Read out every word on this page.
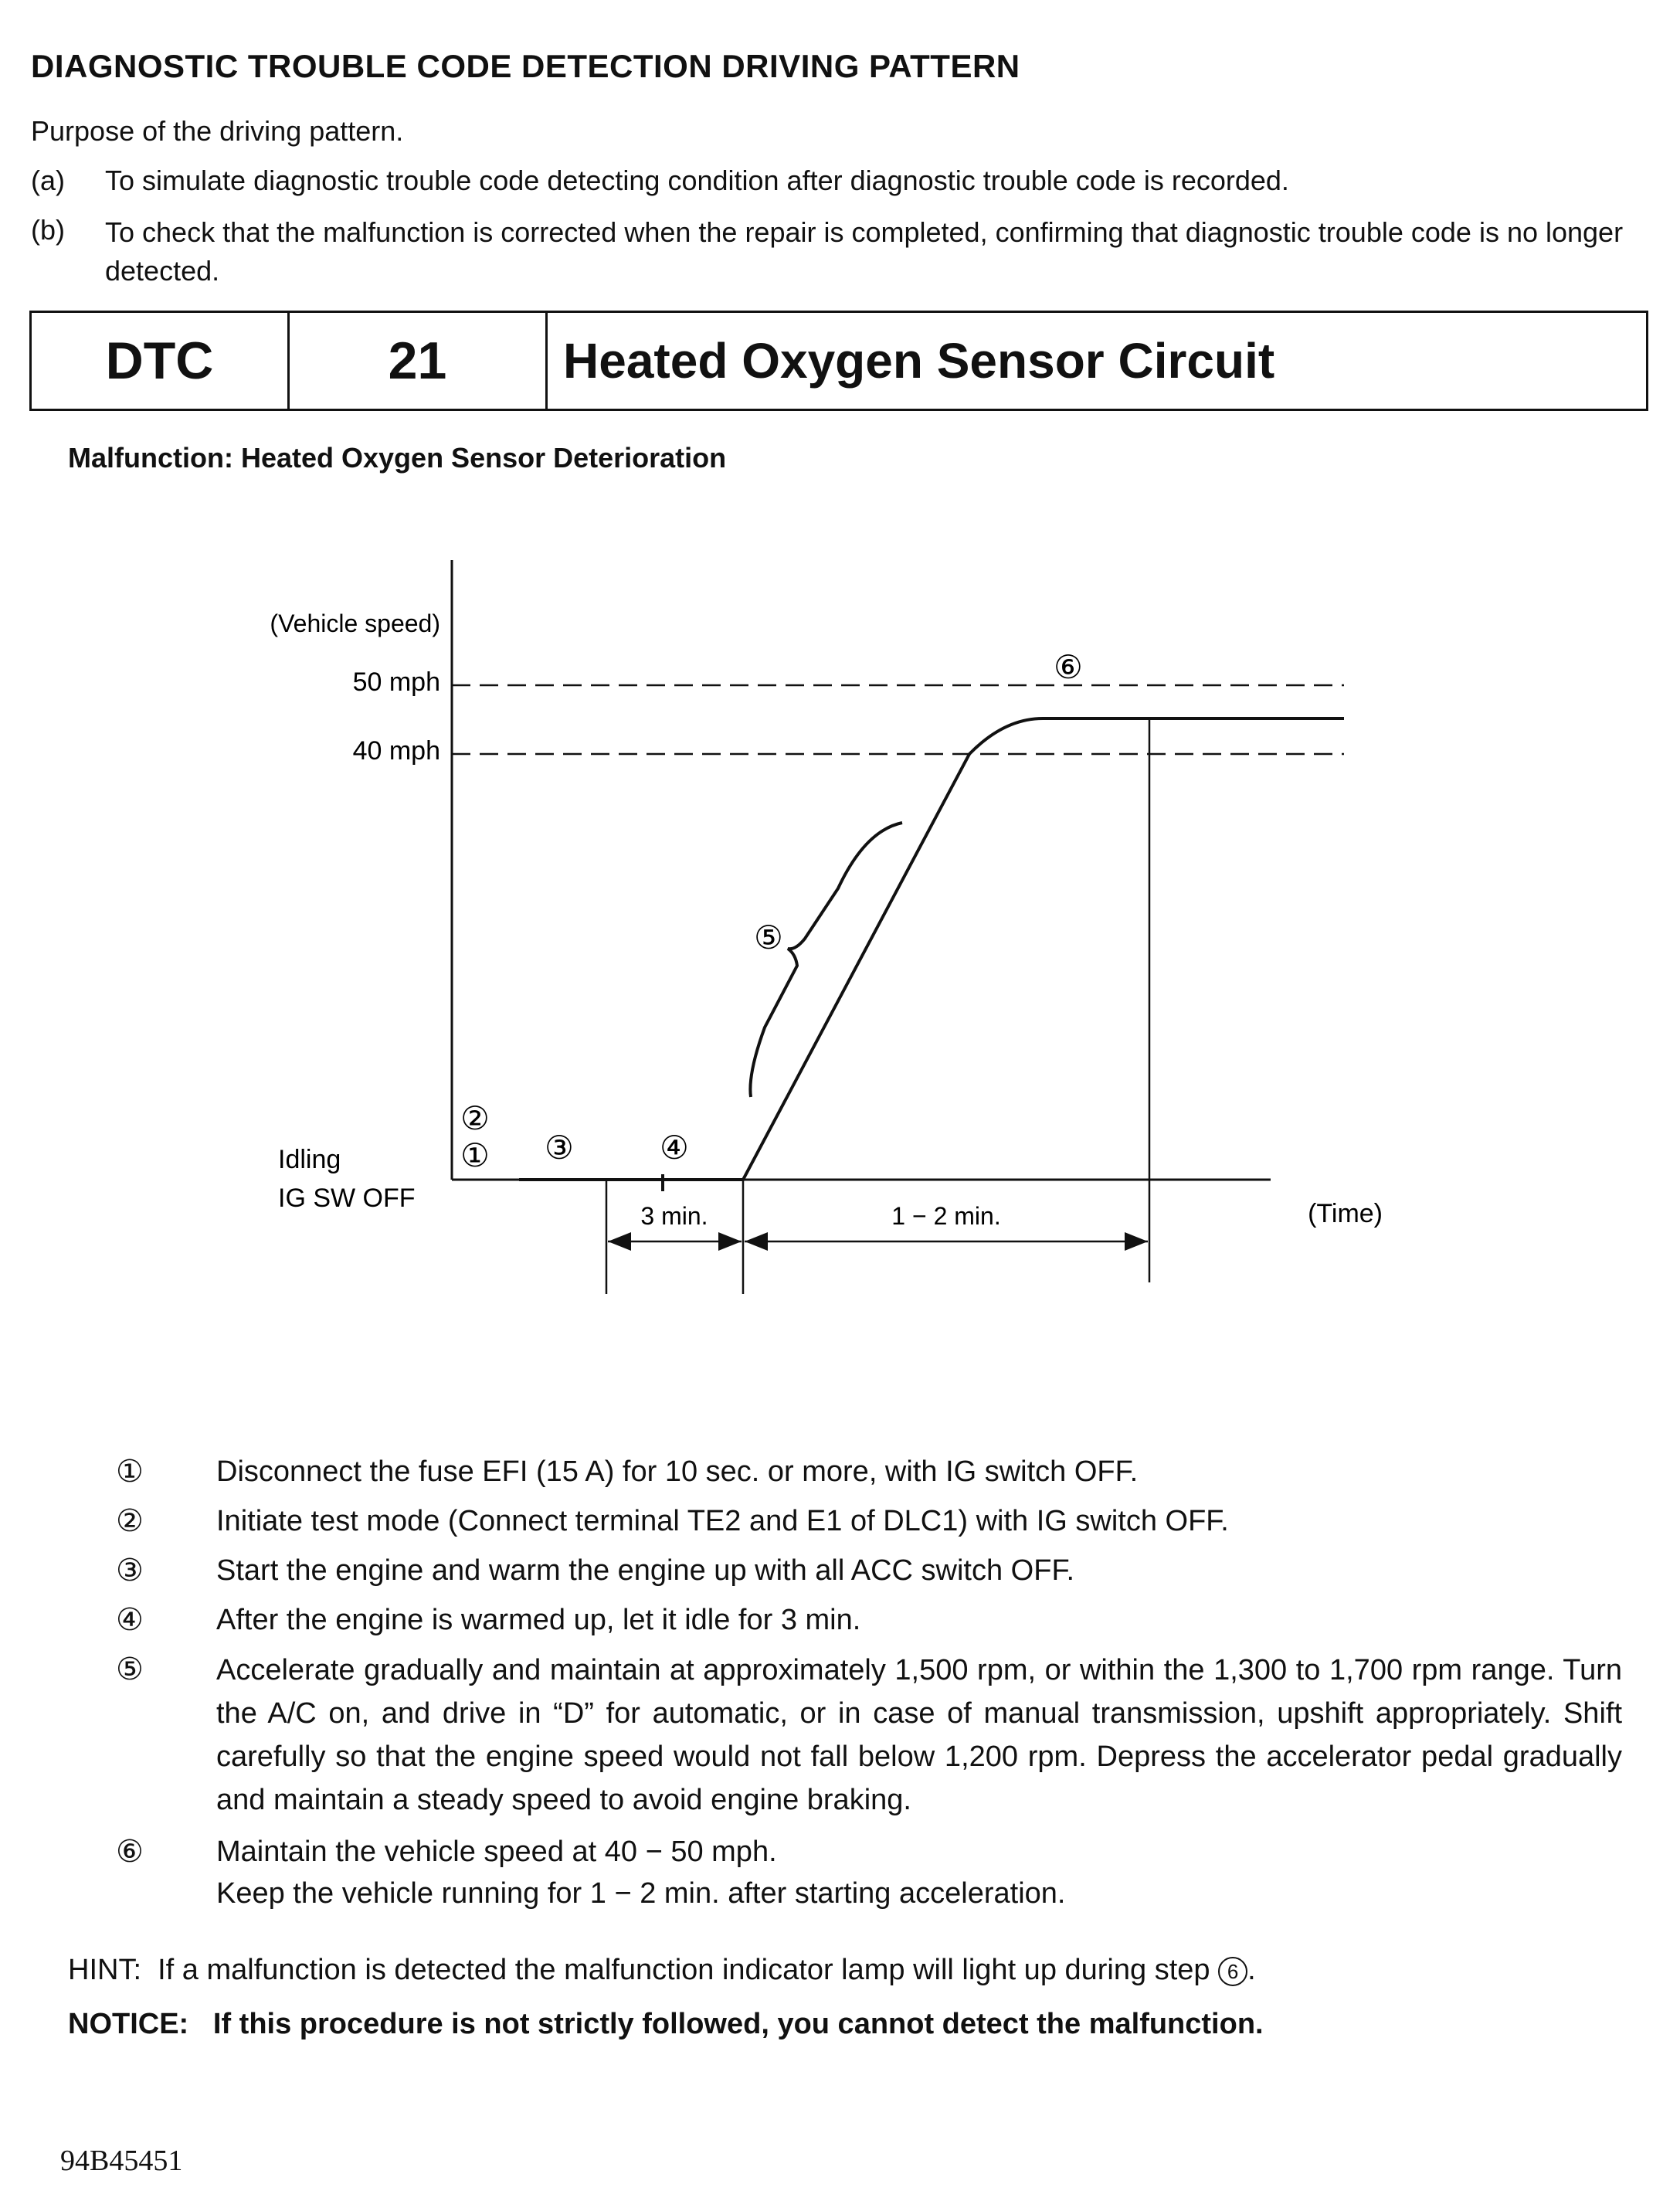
DIAGNOSTIC TROUBLE CODE DETECTION DRIVING PATTERN
Purpose of the driving pattern.
(a)	To simulate diagnostic trouble code detecting condition after diagnostic trouble code is recorded.
(b)	To check that the malfunction is corrected when the repair is completed, confirming that diagnostic trouble code is no longer detected.
DTC	21	Heated Oxygen Sensor Circuit
Malfunction: Heated Oxygen Sensor Deterioration
(Vehicle speed)
50 mph
40 mph
Idling
IG SW OFF
(Time)
3 min.	1 − 2 min.
①
②
③	④
⑤
⑥
①	Disconnect the fuse EFI (15 A) for 10 sec. or more, with IG switch OFF.
②	Initiate test mode (Connect terminal TE2 and E1 of DLC1) with IG switch OFF.
③	Start the engine and warm the engine up with all ACC switch OFF.
④	After the engine is warmed up, let it idle for 3 min.
⑤	Accelerate gradually and maintain at approximately 1,500 rpm, or within the 1,300 to 1,700 rpm range. Turn the A/C on, and drive in “D” for automatic, or in case of manual transmission, upshift appropriately. Shift carefully so that the engine speed would not fall below 1,200 rpm. Depress the accelerator pedal gradually and maintain a steady speed to avoid engine braking.
⑥	Maintain the vehicle speed at 40 − 50 mph.
Keep the vehicle running for 1 − 2 min. after starting acceleration.
HINT: If a malfunction is detected the malfunction indicator lamp will light up during step 6 .
NOTICE: If this procedure is not strictly followed, you cannot detect the malfunction.
94B45451
